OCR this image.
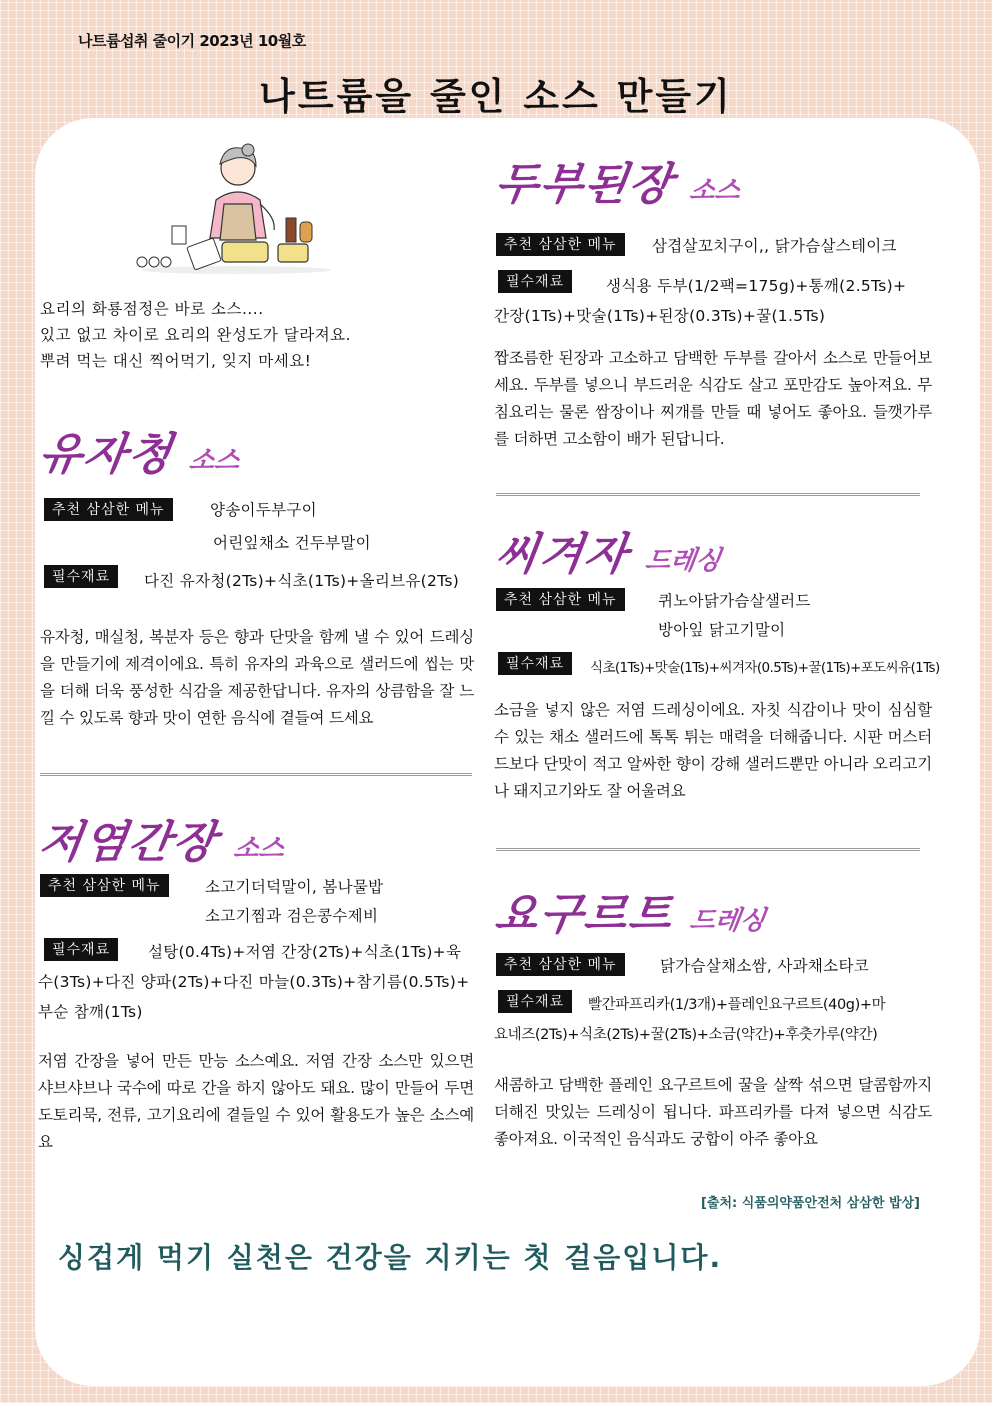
나트륨섭취 줄이기 2023년 10월호
나트륨을 줄인 소스 만들기
요리의 화룡점정은 바로 소스....
있고 없고 차이로 요리의 완성도가 달라져요.
뿌려 먹는 대신 찍어먹기, 잊지 마세요!
유자청 소스
추천 삼삼한 메뉴	양송이두부구이
어린잎채소 건두부말이
필수재료	다진 유자청(2Ts)+식초(1Ts)+올리브유(2Ts)
유자청, 매실청, 복분자 등은 향과 단맛을 함께 낼 수 있어 드레싱을 만들기에 제격이에요. 특히 유자의 과육으로 샐러드에 씹는 맛을 더해 더욱 풍성한 식감을 제공한답니다. 유자의 상큼함을 잘 느낄 수 있도록 향과 맛이 연한 음식에 곁들여 드세요
저염간장 소스
추천 삼삼한 메뉴	소고기더덕말이, 봄나물밥
소고기찜과 검은콩수제비
필수재료	설탕(0.4Ts)+저염 간장(2Ts)+식초(1Ts)+육
수(3Ts)+다진 양파(2Ts)+다진 마늘(0.3Ts)+참기름(0.5Ts)+
부순 참깨(1Ts)
저염 간장을 넣어 만든 만능 소스예요. 저염 간장 소스만 있으면 샤브샤브나 국수에 따로 간을 하지 않아도 돼요. 많이 만들어 두면 도토리묵, 전류, 고기요리에 곁들일 수 있어 활용도가 높은 소스예요
두부된장 소스
추천 삼삼한 메뉴	삼겹살꼬치구이,, 닭가슴살스테이크
필수재료	생식용 두부(1/2팩=175g)+통깨(2.5Ts)+
간장(1Ts)+맛술(1Ts)+된장(0.3Ts)+꿀(1.5Ts)
짭조름한 된장과 고소하고 담백한 두부를 갈아서 소스로 만들어보세요. 두부를 넣으니 부드러운 식감도 살고 포만감도 높아져요. 무침요리는 물론 쌈장이나 찌개를 만들 때 넣어도 좋아요. 들깻가루를 더하면 고소함이 배가 된답니다.
씨겨자 드레싱
추천 삼삼한 메뉴	퀴노아닭가슴살샐러드
방아잎 닭고기말이
필수재료	식초(1Ts)+맛술(1Ts)+씨겨자(0.5Ts)+꿀(1Ts)+포도씨유(1Ts)
소금을 넣지 않은 저염 드레싱이에요. 자칫 식감이나 맛이 심심할 수 있는 채소 샐러드에 톡톡 튀는 매력을 더해줍니다. 시판 머스터드보다 단맛이 적고 알싸한 향이 강해 샐러드뿐만 아니라 오리고기나 돼지고기와도 잘 어울려요
요구르트 드레싱
추천 삼삼한 메뉴	닭가슴살채소쌈, 사과채소타코
필수재료	빨간파프리카(1/3개)+플레인요구르트(40g)+마
요네즈(2Ts)+식초(2Ts)+꿀(2Ts)+소금(약간)+후춧가루(약간)
새콤하고 담백한 플레인 요구르트에 꿀을 살짝 섞으면 달콤함까지 더해진 맛있는 드레싱이 됩니다. 파프리카를 다져 넣으면 식감도 좋아져요. 이국적인 음식과도 궁합이 아주 좋아요
[출처: 식품의약품안전처 삼삼한 밥상]
싱겁게 먹기 실천은 건강을 지키는 첫 걸음입니다.
